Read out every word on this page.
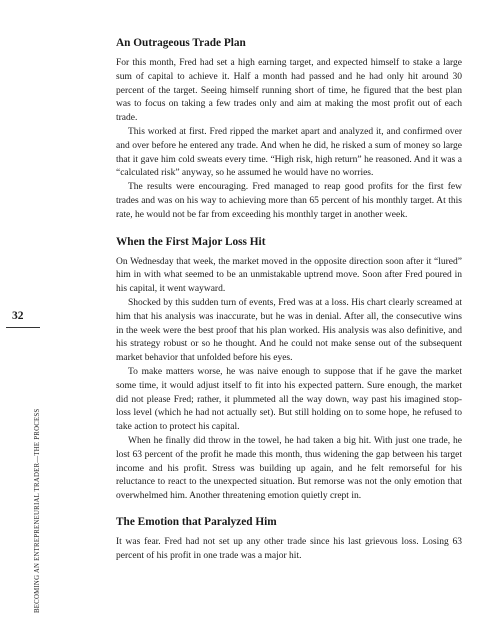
32

BECOMING AN ENTREPRENEURIAL TRADER—THE PROCESS

An Outrageous Trade Plan

For this month, Fred had set a high earning target, and expected himself to stake a large sum of capital to achieve it. Half a month had passed and he had only hit around 30 percent of the target. Seeing himself running short of time, he figured that the best plan was to focus on taking a few trades only and aim at making the most profit out of each trade.

This worked at first. Fred ripped the market apart and analyzed it, and confirmed over and over before he entered any trade. And when he did, he risked a sum of money so large that it gave him cold sweats every time. “High risk, high return” he reasoned. And it was a “calculated risk” anyway, so he assumed he would have no worries.

The results were encouraging. Fred managed to reap good profits for the first few trades and was on his way to achieving more than 65 percent of his monthly target. At this rate, he would not be far from exceeding his monthly target in another week.

When the First Major Loss Hit

On Wednesday that week, the market moved in the opposite direction soon after it “lured” him in with what seemed to be an unmistakable uptrend move. Soon after Fred poured in his capital, it went wayward.

Shocked by this sudden turn of events, Fred was at a loss. His chart clearly screamed at him that his analysis was inaccurate, but he was in denial. After all, the consecutive wins in the week were the best proof that his plan worked. His analysis was also definitive, and his strategy robust or so he thought. And he could not make sense out of the subsequent market behavior that unfolded before his eyes.

To make matters worse, he was naive enough to suppose that if he gave the market some time, it would adjust itself to fit into his expected pattern. Sure enough, the market did not please Fred; rather, it plummeted all the way down, way past his imagined stop-loss level (which he had not actually set). But still holding on to some hope, he refused to take action to protect his capital.

When he finally did throw in the towel, he had taken a big hit. With just one trade, he lost 63 percent of the profit he made this month, thus widening the gap between his target income and his profit. Stress was building up again, and he felt remorseful for his reluctance to react to the unexpected situation. But remorse was not the only emotion that overwhelmed him. Another threatening emotion quietly crept in.

The Emotion that Paralyzed Him

It was fear. Fred had not set up any other trade since his last grievous loss. Losing 63 percent of his profit in one trade was a major hit.
